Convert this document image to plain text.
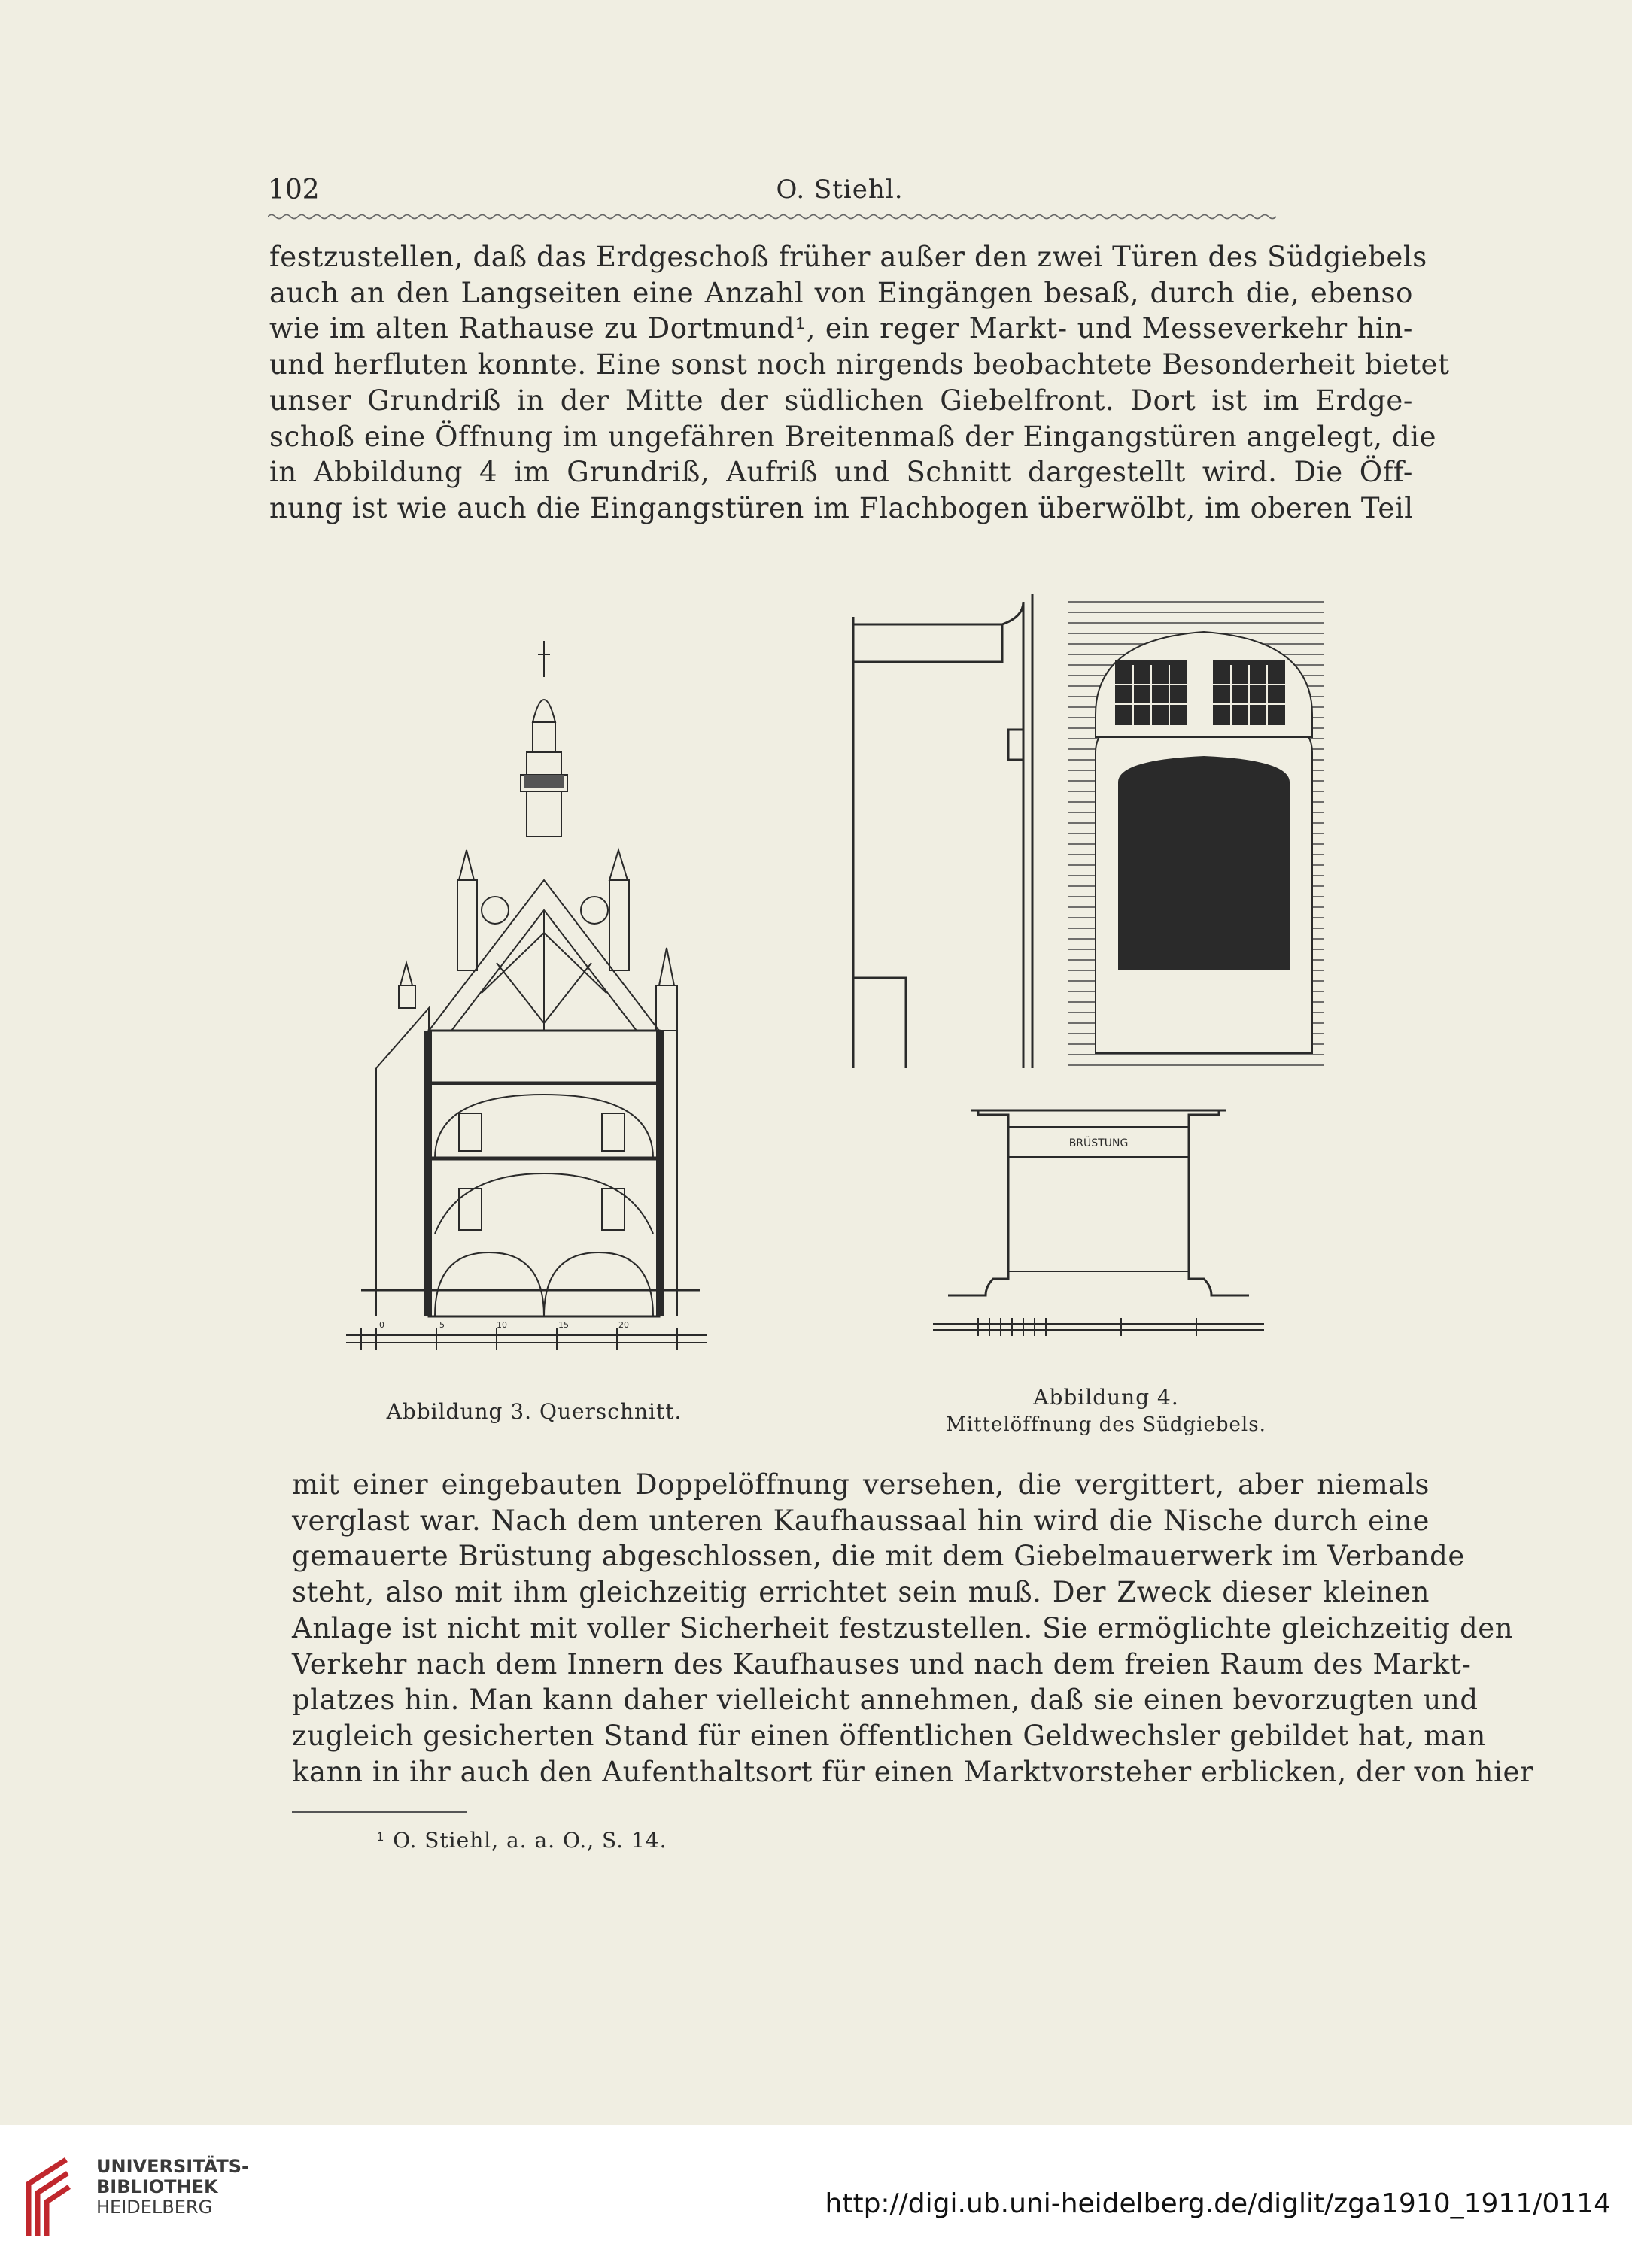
102	O. Stiehl.
festzustellen, daß das Erdgeschoß früher außer den zwei Türen des Südgiebels
auch an den Langseiten eine Anzahl von Eingängen besaß, durch die, ebenso
wie im alten Rathause zu Dortmund¹, ein reger Markt- und Messeverkehr hin-
und herfluten konnte. Eine sonst noch nirgends beobachtete Besonderheit bietet
unser Grundriß in der Mitte der südlichen Giebelfront. Dort ist im Erdge-
schoß eine Öffnung im ungefähren Breitenmaß der Eingangstüren angelegt, die
in Abbildung 4 im Grundriß, Aufriß und Schnitt dargestellt wird. Die Öff-
nung ist wie auch die Eingangstüren im Flachbogen überwölbt, im oberen Teil
0	5	10	15	20
BRÜSTUNG
Abbildung 3. Querschnitt.
Abbildung 4.
Mittelöffnung des Südgiebels.
mit einer eingebauten Doppelöffnung versehen, die vergittert, aber niemals
verglast war. Nach dem unteren Kaufhaussaal hin wird die Nische durch eine
gemauerte Brüstung abgeschlossen, die mit dem Giebelmauerwerk im Verbande
steht, also mit ihm gleichzeitig errichtet sein muß. Der Zweck dieser kleinen
Anlage ist nicht mit voller Sicherheit festzustellen. Sie ermöglichte gleichzeitig den
Verkehr nach dem Innern des Kaufhauses und nach dem freien Raum des Markt-
platzes hin. Man kann daher vielleicht annehmen, daß sie einen bevorzugten und
zugleich gesicherten Stand für einen öffentlichen Geldwechsler gebildet hat, man
kann in ihr auch den Aufenthaltsort für einen Marktvorsteher erblicken, der von hier
¹ O. Stiehl, a. a. O., S. 14.
UNIVERSITÄTS-
BIBLIOTHEK
HEIDELBERG	http://digi.ub.uni-heidelberg.de/diglit/zga1910_1911/0114
